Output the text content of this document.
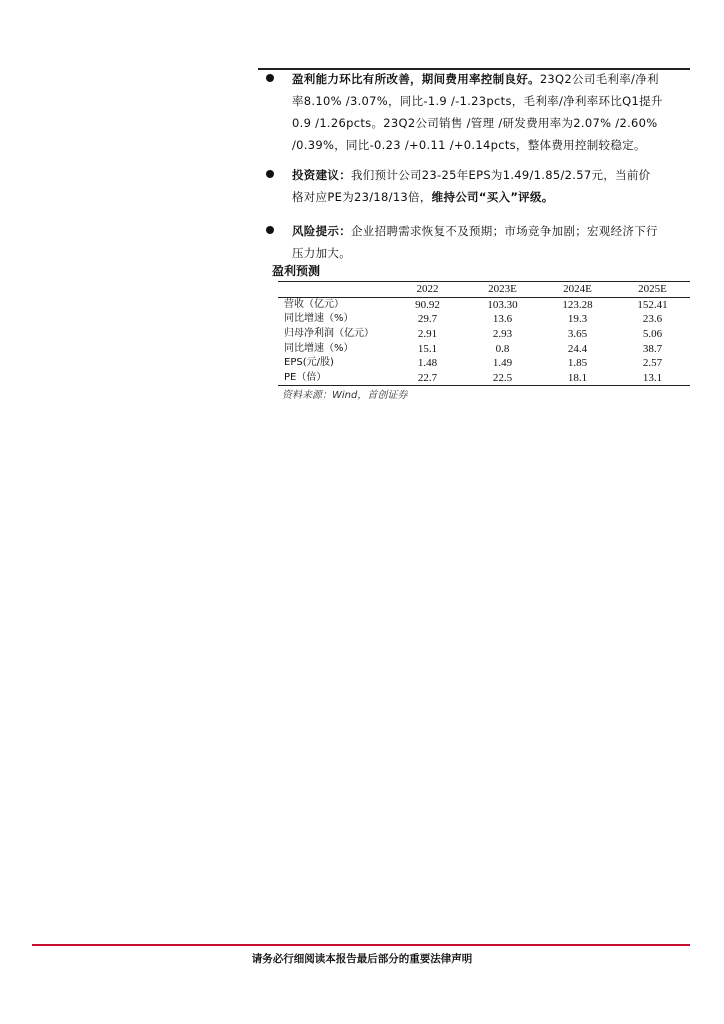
盈利能力环比有所改善，期间费用率控制良好。23Q2公司毛利率/净利
率8.10% /3.07%，同比-1.9 /-1.23pcts，毛利率/净利率环比Q1提升
0.9 /1.26pcts。23Q2公司销售 /管理 /研发费用率为2.07% /2.60%
/0.39%，同比-0.23 /+0.11 /+0.14pcts，整体费用控制较稳定。
投资建议：我们预计公司23-25年EPS为1.49/1.85/2.57元，当前价
格对应PE为23/18/13倍，维持公司“买入”评级。
风险提示：企业招聘需求恢复不及预期；市场竞争加剧；宏观经济下行
压力加大。
盈利预测
	2022	2023E	2024E	2025E
营收（亿元）	90.92	103.30	123.28	152.41
同比增速（%）	29.7	13.6	19.3	23.6
归母净利润（亿元）	2.91	2.93	3.65	5.06
同比增速（%）	15.1	0.8	24.4	38.7
EPS(元/股)	1.48	1.49	1.85	2.57
PE（倍）	22.7	22.5	18.1	13.1
资料来源：Wind，首创证券
请务必行细阅读本报告最后部分的重要法律声明
